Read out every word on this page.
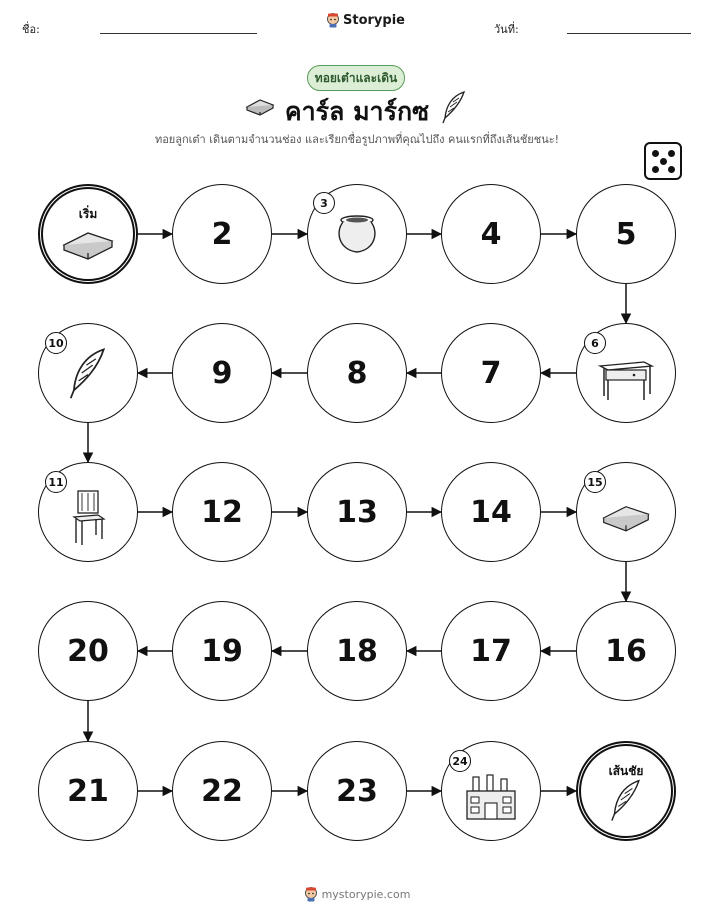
ชื่อ:
Storypie
วันที่:
ทอยเต๋าและเดิน
คาร์ล มาร์กซ
ทอยลูกเต๋า เดินตามจำนวนช่อง และเรียกชื่อรูปภาพที่คุณไปถึง คนแรกที่ถึงเส้นชัยชนะ!
เริ่ม
2
3
4	5
10
9	8	7
6
11
12	13	14
15
20	19	18	17	16
21	22	23
24
เส้นชัย
mystorypie.com
